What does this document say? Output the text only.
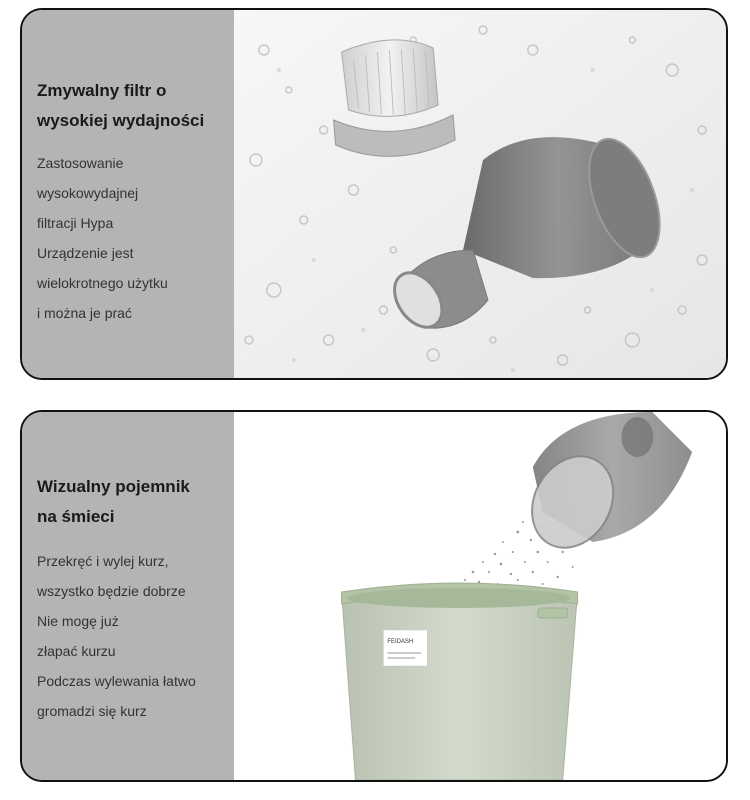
Zmywalny filtr o
wysokiej wydajności
Zastosowanie
wysokowydajnej
filtracji Hypa
Urządzenie jest
wielokrotnego użytku
i można je prać
Wizualny pojemnik
na śmieci
Przekręć i wylej kurz,
wszystko będzie dobrze
Nie mogę już
złapać kurzu
Podczas wylewania łatwo
gromadzi się kurz
FEIDASH
